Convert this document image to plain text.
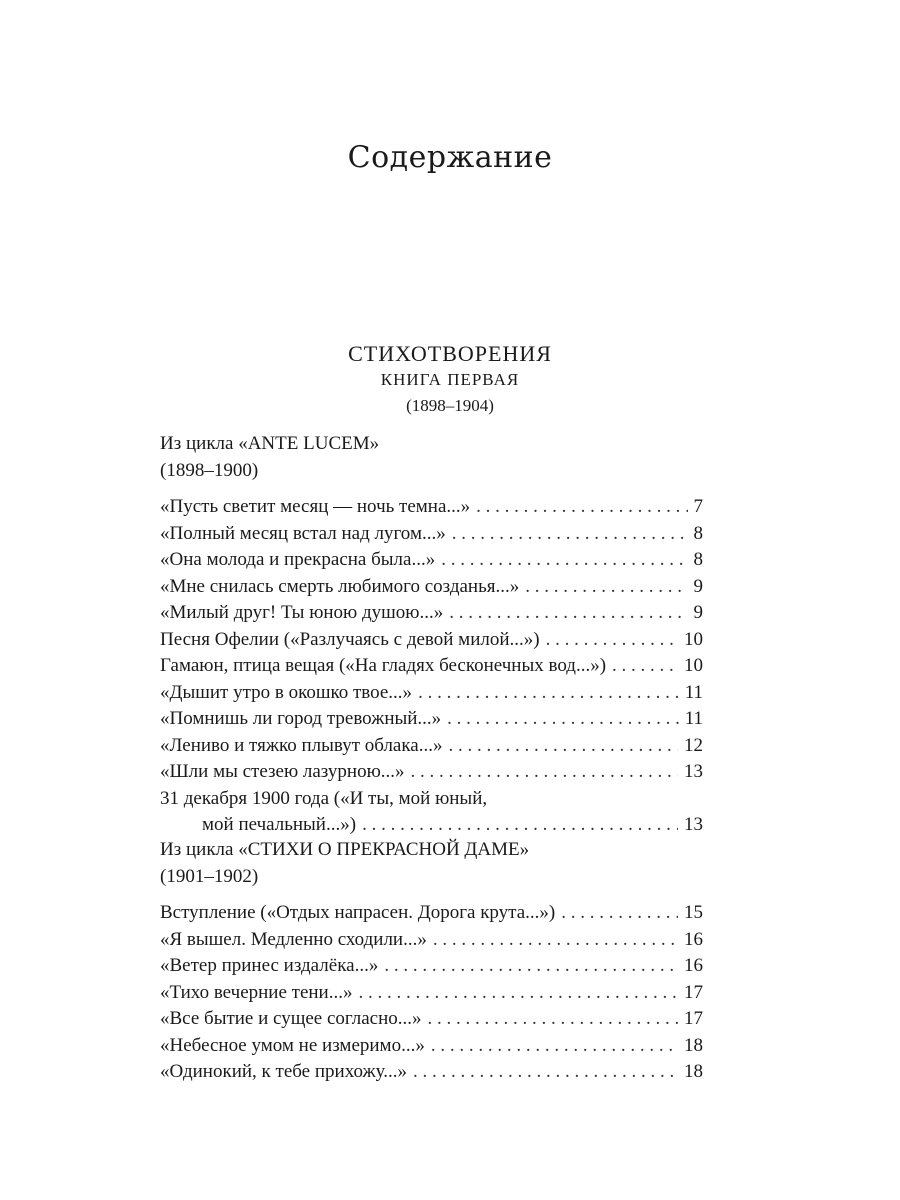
Содержание
СТИХОТВОРЕНИЯ
КНИГА ПЕРВАЯ
(1898–1904)
Из цикла «ANTE LUCEM»
(1898–1900)
«Пусть светит месяц — ночь темна...» . . .	7
«Полный месяц встал над лугом...» . . .	8
«Она молода и прекрасна была...» . . .	8
«Мне снилась смерть любимого созданья...» . . .	9
«Милый друг! Ты юною душою...» . . .	9
Песня Офелии («Разлучаясь с девой милой...») . . .	10
Гамаюн, птица вещая («На гладях бесконечных вод...») . . .	10
«Дышит утро в окошко твое...» . . .	11
«Помнишь ли город тревожный...» . . .	11
«Лениво и тяжко плывут облака...» . . .	12
«Шли мы стезею лазурною...» . . .	13
31 декабря 1900 года («И ты, мой юный,
мой печальный...») . . .	13
Из цикла «СТИХИ О ПРЕКРАСНОЙ ДАМЕ»
(1901–1902)
Вступление («Отдых напрасен. Дорога крута...») . . .	15
«Я вышел. Медленно сходили...» . . .	16
«Ветер принес издалёка...» . . .	16
«Тихо вечерние тени...» . . .	17
«Все бытие и сущее согласно...» . . .	17
«Небесное умом не измеримо...» . . .	18
«Одинокий, к тебе прихожу...» . . .	18
